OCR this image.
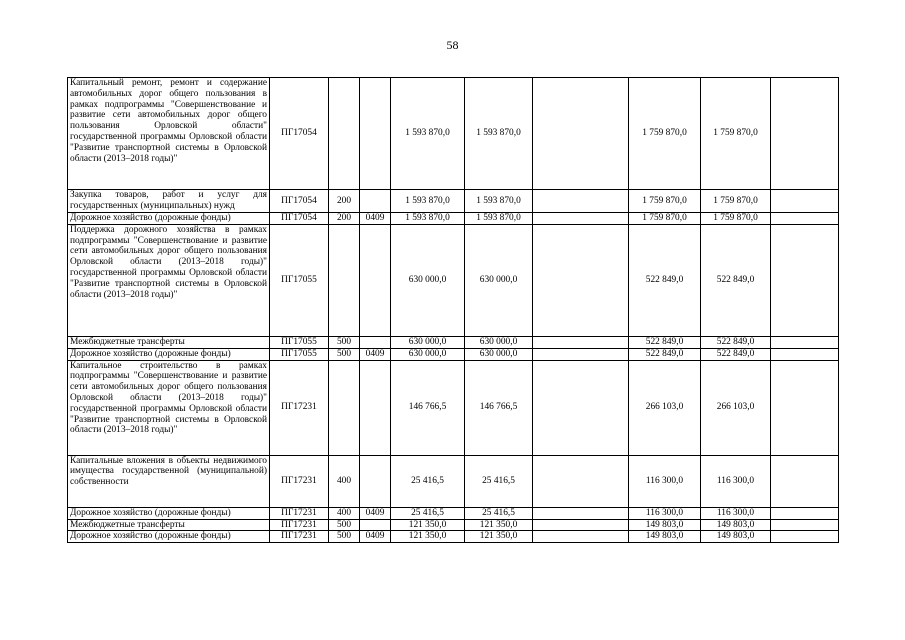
58
Капитальный ремонт, ремонт и содержание автомобильных дорог общего пользования в рамках подпрограммы "Совершенствование и развитие сети автомобильных дорог общего пользования Орловской области" государственной программы Орловской области "Развитие транспортной системы в Орловской области (2013–2018 годы)"	ПГ17054			1 593 870,0	1 593 870,0		1 759 870,0	1 759 870,0	
Закупка товаров, работ и услуг для государственных (муниципальных) нужд	ПГ17054	200		1 593 870,0	1 593 870,0		1 759 870,0	1 759 870,0	
Дорожное хозяйство (дорожные фонды)	ПГ17054	200	0409	1 593 870,0	1 593 870,0		1 759 870,0	1 759 870,0	
Поддержка дорожного хозяйства в рамках подпрограммы "Совершенствование и развитие сети автомобильных дорог общего пользования Орловской области (2013–2018 годы)" государственной программы Орловской области "Развитие транспортной системы в Орловской области (2013–2018 годы)"	ПГ17055			630 000,0	630 000,0		522 849,0	522 849,0	
Межбюджетные трансферты	ПГ17055	500		630 000,0	630 000,0		522 849,0	522 849,0	
Дорожное хозяйство (дорожные фонды)	ПГ17055	500	0409	630 000,0	630 000,0		522 849,0	522 849,0	
Капитальное строительство в рамках подпрограммы "Совершенствование и развитие сети автомобильных дорог общего пользования Орловской области (2013–2018 годы)" государственной программы Орловской области "Развитие транспортной системы в Орловской области (2013–2018 годы)"	ПГ17231			146 766,5	146 766,5		266 103,0	266 103,0	
Капитальные вложения в объекты недвижимого имущества государственной (муниципальной) собственности	ПГ17231	400		25 416,5	25 416,5		116 300,0	116 300,0	
Дорожное хозяйство (дорожные фонды)	ПГ17231	400	0409	25 416,5	25 416,5		116 300,0	116 300,0	
Межбюджетные трансферты	ПГ17231	500		121 350,0	121 350,0		149 803,0	149 803,0	
Дорожное хозяйство (дорожные фонды)	ПГ17231	500	0409	121 350,0	121 350,0		149 803,0	149 803,0	
